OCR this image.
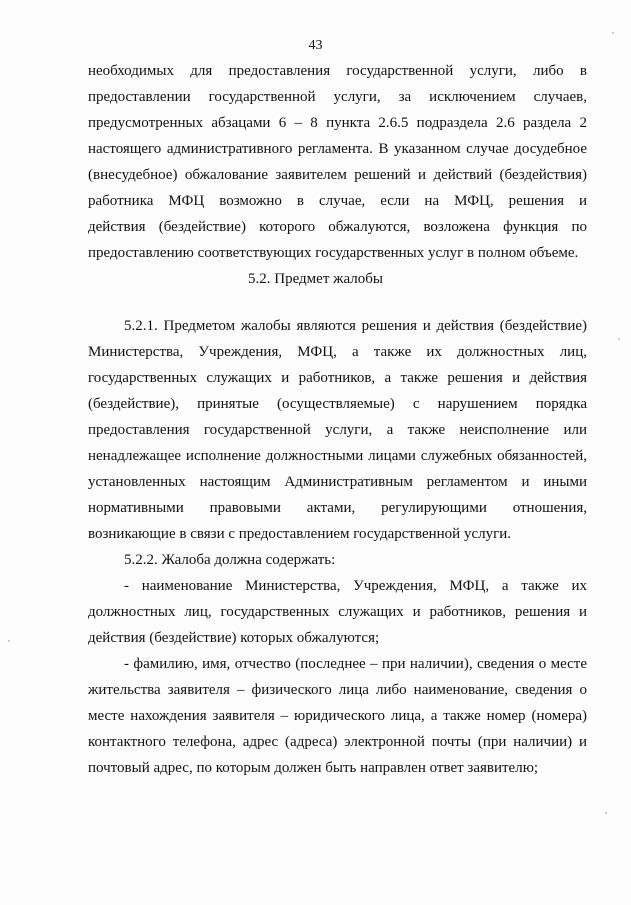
43
необходимых для предоставления государственной услуги, либо в
предоставлении государственной услуги, за исключением случаев,
предусмотренных абзацами 6 – 8 пункта 2.6.5 подраздела 2.6 раздела 2
настоящего административного регламента. В указанном случае досудебное
(внесудебное) обжалование заявителем решений и действий (бездействия)
работника МФЦ возможно в случае, если на МФЦ, решения и
действия (бездействие) которого обжалуются, возложена функция по
предоставлению соответствующих государственных услуг в полном объеме.
5.2. Предмет жалобы
5.2.1. Предметом жалобы являются решения и действия (бездействие)
Министерства, Учреждения, МФЦ, а также их должностных лиц,
государственных служащих и работников, а также решения и действия
(бездействие), принятые (осуществляемые) с нарушением порядка
предоставления государственной услуги, а также неисполнение или
ненадлежащее исполнение должностными лицами служебных обязанностей,
установленных настоящим Административным регламентом и иными
нормативными правовыми актами, регулирующими отношения,
возникающие в связи с предоставлением государственной услуги.
5.2.2. Жалоба должна содержать:
- наименование Министерства, Учреждения, МФЦ, а также их
должностных лиц, государственных служащих и работников, решения и
действия (бездействие) которых обжалуются;
- фамилию, имя, отчество (последнее – при наличии), сведения о месте
жительства заявителя – физического лица либо наименование, сведения о
месте нахождения заявителя – юридического лица, а также номер (номера)
контактного телефона, адрес (адреса) электронной почты (при наличии) и
почтовый адрес, по которым должен быть направлен ответ заявителю;
